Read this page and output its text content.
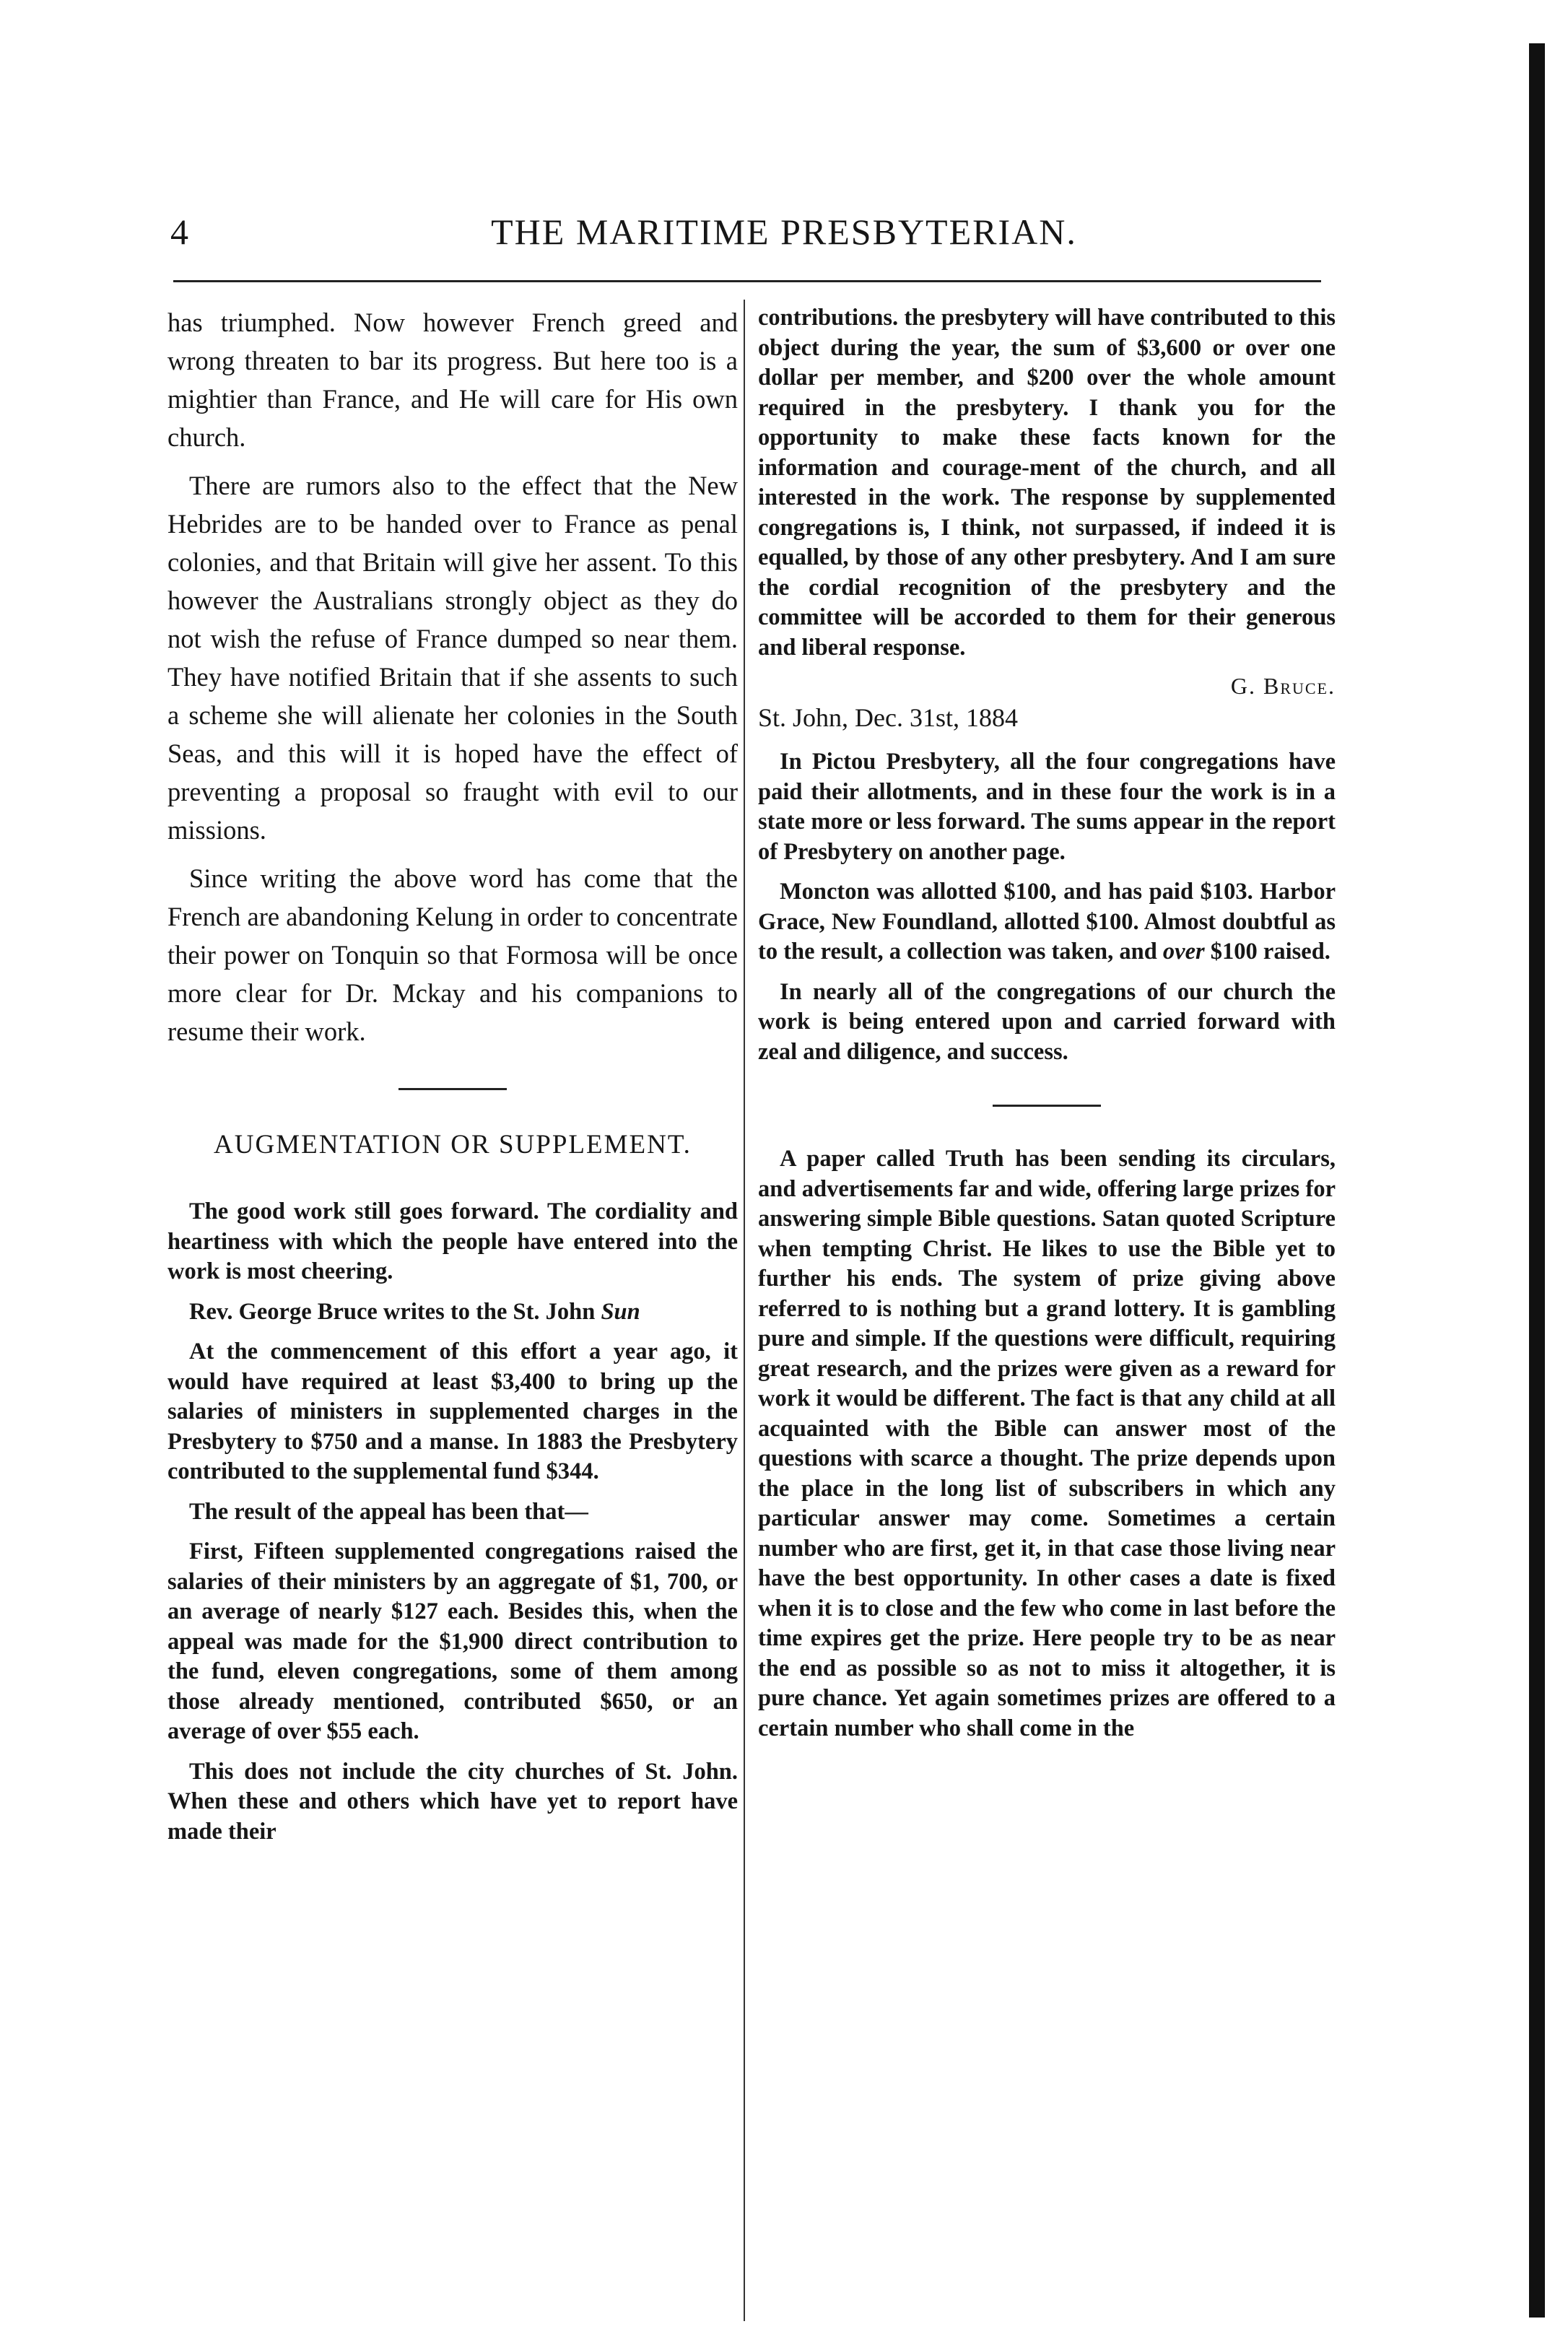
4	THE MARITIME PRESBYTERIAN.

has triumphed. Now however French greed and wrong threaten to bar its progress. But here too is a mightier than France, and He will care for His own church.

There are rumors also to the effect that the New Hebrides are to be handed over to France as penal colonies, and that Britain will give her assent. To this however the Australians strongly object as they do not wish the refuse of France dumped so near them. They have notified Britain that if she assents to such a scheme she will alienate her colonies in the South Seas, and this will it is hoped have the effect of preventing a proposal so fraught with evil to our missions.

Since writing the above word has come that the French are abandoning Kelung in order to concentrate their power on Tonquin so that Formosa will be once more clear for Dr. Mckay and his companions to resume their work.

AUGMENTATION OR SUPPLEMENT.

The good work still goes forward. The cordiality and heartiness with which the people have entered into the work is most cheering.

Rev. George Bruce writes to the St. John Sun

At the commencement of this effort a year ago, it would have required at least $3,400 to bring up the salaries of ministers in supplemented charges in the Presbytery to $750 and a manse. In 1883 the Presbytery contributed to the supplemental fund $344.

The result of the appeal has been that—

First, Fifteen supplemented congregations raised the salaries of their ministers by an aggregate of $1, 700, or an average of nearly $127 each. Besides this, when the appeal was made for the $1,900 direct contribution to the fund, eleven congregations, some of them among those already mentioned, contributed $650, or an average of over $55 each.

This does not include the city churches of St. John. When these and others which have yet to report have made their

contributions. the presbytery will have contributed to this object during the year, the sum of $3,600 or over one dollar per member, and $200 over the whole amount required in the presbytery. I thank you for the opportunity to make these facts known for the information and courage-ment of the church, and all interested in the work. The response by supplemented congregations is, I think, not surpassed, if indeed it is equalled, by those of any other presbytery. And I am sure the cordial recognition of the presbytery and the committee will be accorded to them for their generous and liberal response.

G. Bruce.
St. John, Dec. 31st, 1884

In Pictou Presbytery, all the four congregations have paid their allotments, and in these four the work is in a state more or less forward. The sums appear in the report of Presbytery on another page.

Moncton was allotted $100, and has paid $103. Harbor Grace, New Foundland, allotted $100. Almost doubtful as to the result, a collection was taken, and over $100 raised.

In nearly all of the congregations of our church the work is being entered upon and carried forward with zeal and diligence, and success.

A paper called Truth has been sending its circulars, and advertisements far and wide, offering large prizes for answering simple Bible questions. Satan quoted Scripture when tempting Christ. He likes to use the Bible yet to further his ends. The system of prize giving above referred to is nothing but a grand lottery. It is gambling pure and simple. If the questions were difficult, requiring great research, and the prizes were given as a reward for work it would be different. The fact is that any child at all acquainted with the Bible can answer most of the questions with scarce a thought. The prize depends upon the place in the long list of subscribers in which any particular answer may come. Sometimes a certain number who are first, get it, in that case those living near have the best opportunity. In other cases a date is fixed when it is to close and the few who come in last before the time expires get the prize. Here people try to be as near the end as possible so as not to miss it altogether, it is pure chance. Yet again sometimes prizes are offered to a certain number who shall come in the
